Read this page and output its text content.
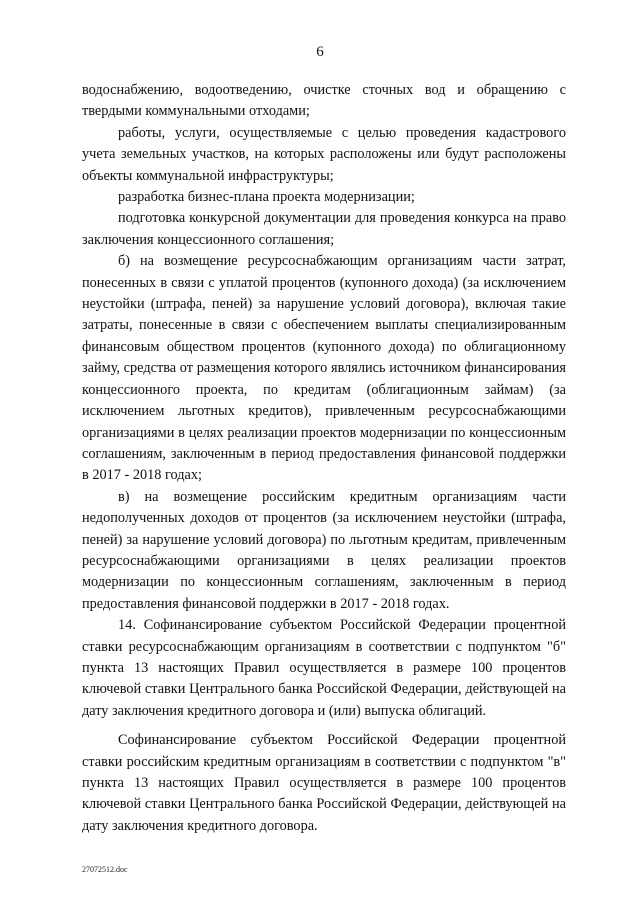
6

водоснабжению, водоотведению, очистке сточных вод и обращению с твердыми коммунальными отходами;

работы, услуги, осуществляемые с целью проведения кадастрового учета земельных участков, на которых расположены или будут расположены объекты коммунальной инфраструктуры;

разработка бизнес-плана проекта модернизации;

подготовка конкурсной документации для проведения конкурса на право заключения концессионного соглашения;

б) на возмещение ресурсоснабжающим организациям части затрат, понесенных в связи с уплатой процентов (купонного дохода) (за исключением неустойки (штрафа, пеней) за нарушение условий договора), включая такие затраты, понесенные в связи с обеспечением выплаты специализированным финансовым обществом процентов (купонного дохода) по облигационному займу, средства от размещения которого являлись источником финансирования концессионного проекта, по кредитам (облигационным займам) (за исключением льготных кредитов), привлеченным ресурсоснабжающими организациями в целях реализации проектов модернизации по концессионным соглашениям, заключенным в период предоставления финансовой поддержки в 2017 - 2018 годах;

в) на возмещение российским кредитным организациям части недополученных доходов от процентов (за исключением неустойки (штрафа, пеней) за нарушение условий договора) по льготным кредитам, привлеченным ресурсоснабжающими организациями в целях реализации проектов модернизации по концессионным соглашениям, заключенным в период предоставления финансовой поддержки в 2017 - 2018 годах.

14. Софинансирование субъектом Российской Федерации процентной ставки ресурсоснабжающим организациям в соответствии с подпунктом "б" пункта 13 настоящих Правил осуществляется в размере 100 процентов ключевой ставки Центрального банка Российской Федерации, действующей на дату заключения кредитного договора и (или) выпуска облигаций.

Софинансирование субъектом Российской Федерации процентной ставки российским кредитным организациям в соответствии с подпунктом "в" пункта 13 настоящих Правил осуществляется в размере 100 процентов ключевой ставки Центрального банка Российской Федерации, действующей на дату заключения кредитного договора.

27072512.doc
